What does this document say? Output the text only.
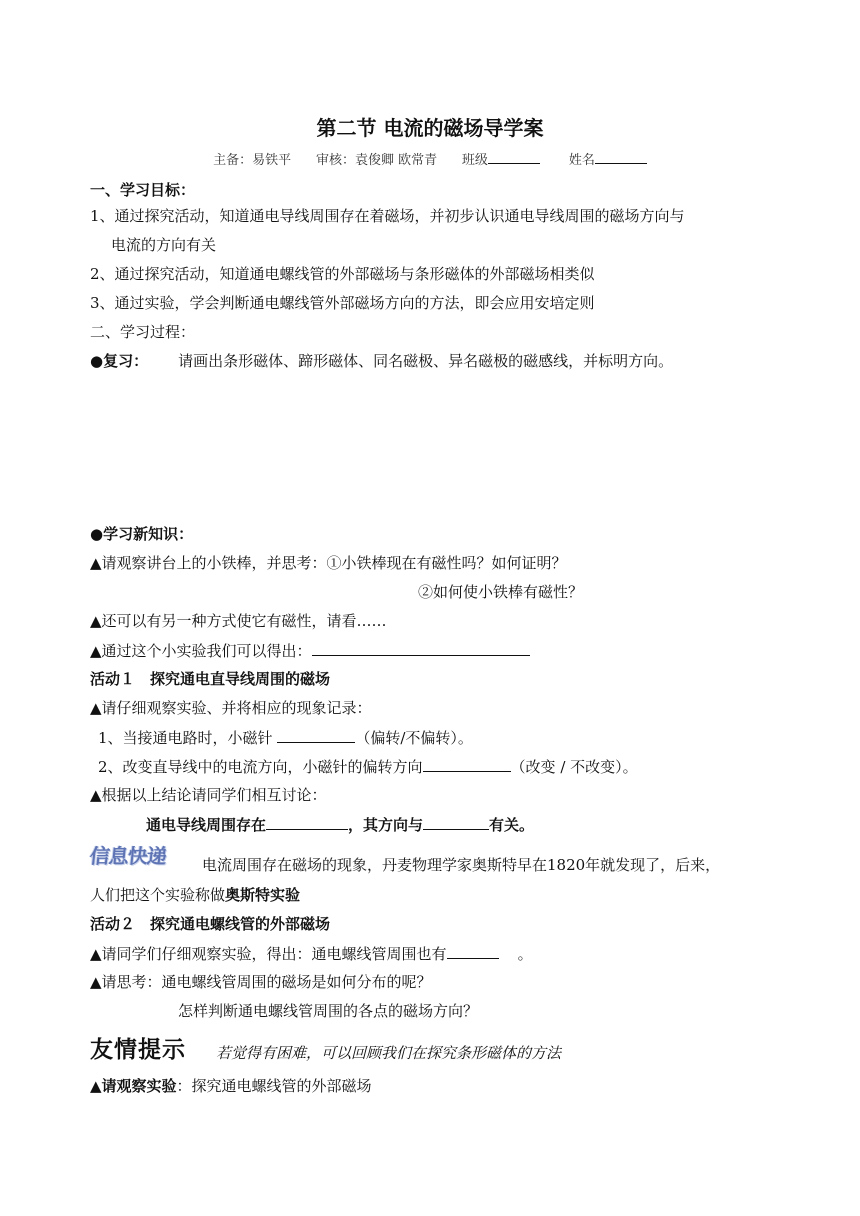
第二节 电流的磁场导学案
主备：易铁平 审核：袁俊卿 欧常青 班级	姓名
一、学习目标：
1、通过探究活动，知道通电导线周围存在着磁场，并初步认识通电导线周围的磁场方向与
电流的方向有关
2、通过探究活动，知道通电螺线管的外部磁场与条形磁体的外部磁场相类似
3、通过实验，学会判断通电螺线管外部磁场方向的方法，即会应用安培定则
二、学习过程：
●复习： 请画出条形磁体、蹄形磁体、同名磁极、异名磁极的磁感线，并标明方向。
●学习新知识：
▲请观察讲台上的小铁棒，并思考：①小铁棒现在有磁性吗？如何证明？
②如何使小铁棒有磁性？
▲还可以有另一种方式使它有磁性，请看……
▲通过这个小实验我们可以得出：
活动１　探究通电直导线周围的磁场
▲请仔细观察实验、并将相应的现象记录：
1、当接通电路时，小磁针	（偏转/不偏转）。
2、改变直导线中的电流方向，小磁针的偏转方向	（改变 / 不改变）。
▲根据以上结论请同学们相互讨论：
通电导线周围存在	，其方向与	有关。
信息快递 电流周围存在磁场的现象，丹麦物理学家奥斯特早在1820年就发现了，后来，
人们把这个实验称做奥斯特实验
活动２　探究通电螺线管的外部磁场
▲请同学们仔细观察实验，得出：通电螺线管周围也有	。
▲请思考：通电螺线管周围的磁场是如何分布的呢？
怎样判断通电螺线管周围的各点的磁场方向？
友情提示 若觉得有困难，可以回顾我们在探究条形磁体的方法
▲请观察实验：探究通电螺线管的外部磁场
